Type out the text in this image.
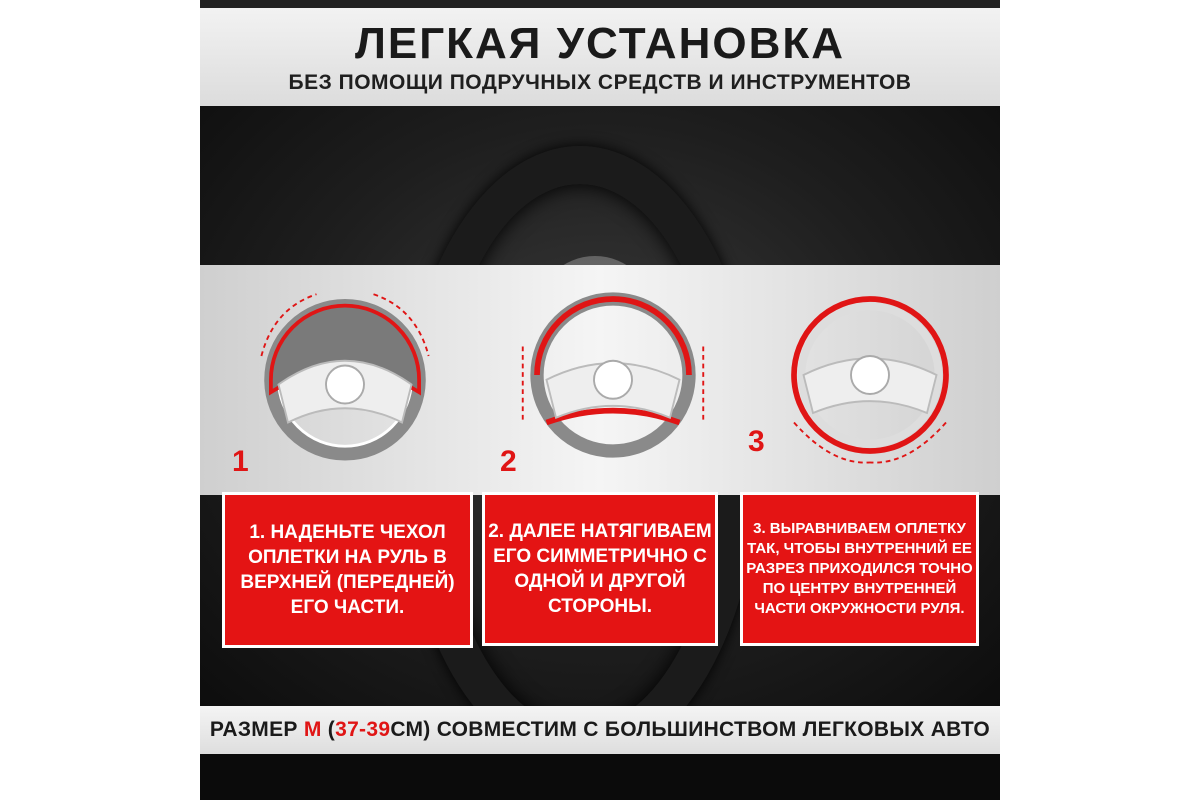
ЛЕГКАЯ УСТАНОВКА
БЕЗ ПОМОЩИ ПОДРУЧНЫХ СРЕДСТВ И ИНСТРУМЕНТОВ
1	2
3
1. НАДЕНЬТЕ ЧЕХОЛ ОПЛЕТКИ НА РУЛЬ В ВЕРХНЕЙ (ПЕРЕДНЕЙ) ЕГО ЧАСТИ.
2. ДАЛЕЕ НАТЯГИВАЕМ ЕГО СИММЕТРИЧНО С ОДНОЙ И ДРУГОЙ СТОРОНЫ.
3. ВЫРАВНИВАЕМ ОПЛЕТКУ ТАК, ЧТОБЫ ВНУТРЕННИЙ ЕЕ РАЗРЕЗ ПРИХОДИЛСЯ ТОЧНО ПО ЦЕНТРУ ВНУТРЕННЕЙ ЧАСТИ ОКРУЖНОСТИ РУЛЯ.
РАЗМЕР M (37-39СМ) СОВМЕСТИМ С БОЛЬШИНСТВОМ ЛЕГКОВЫХ АВТО
